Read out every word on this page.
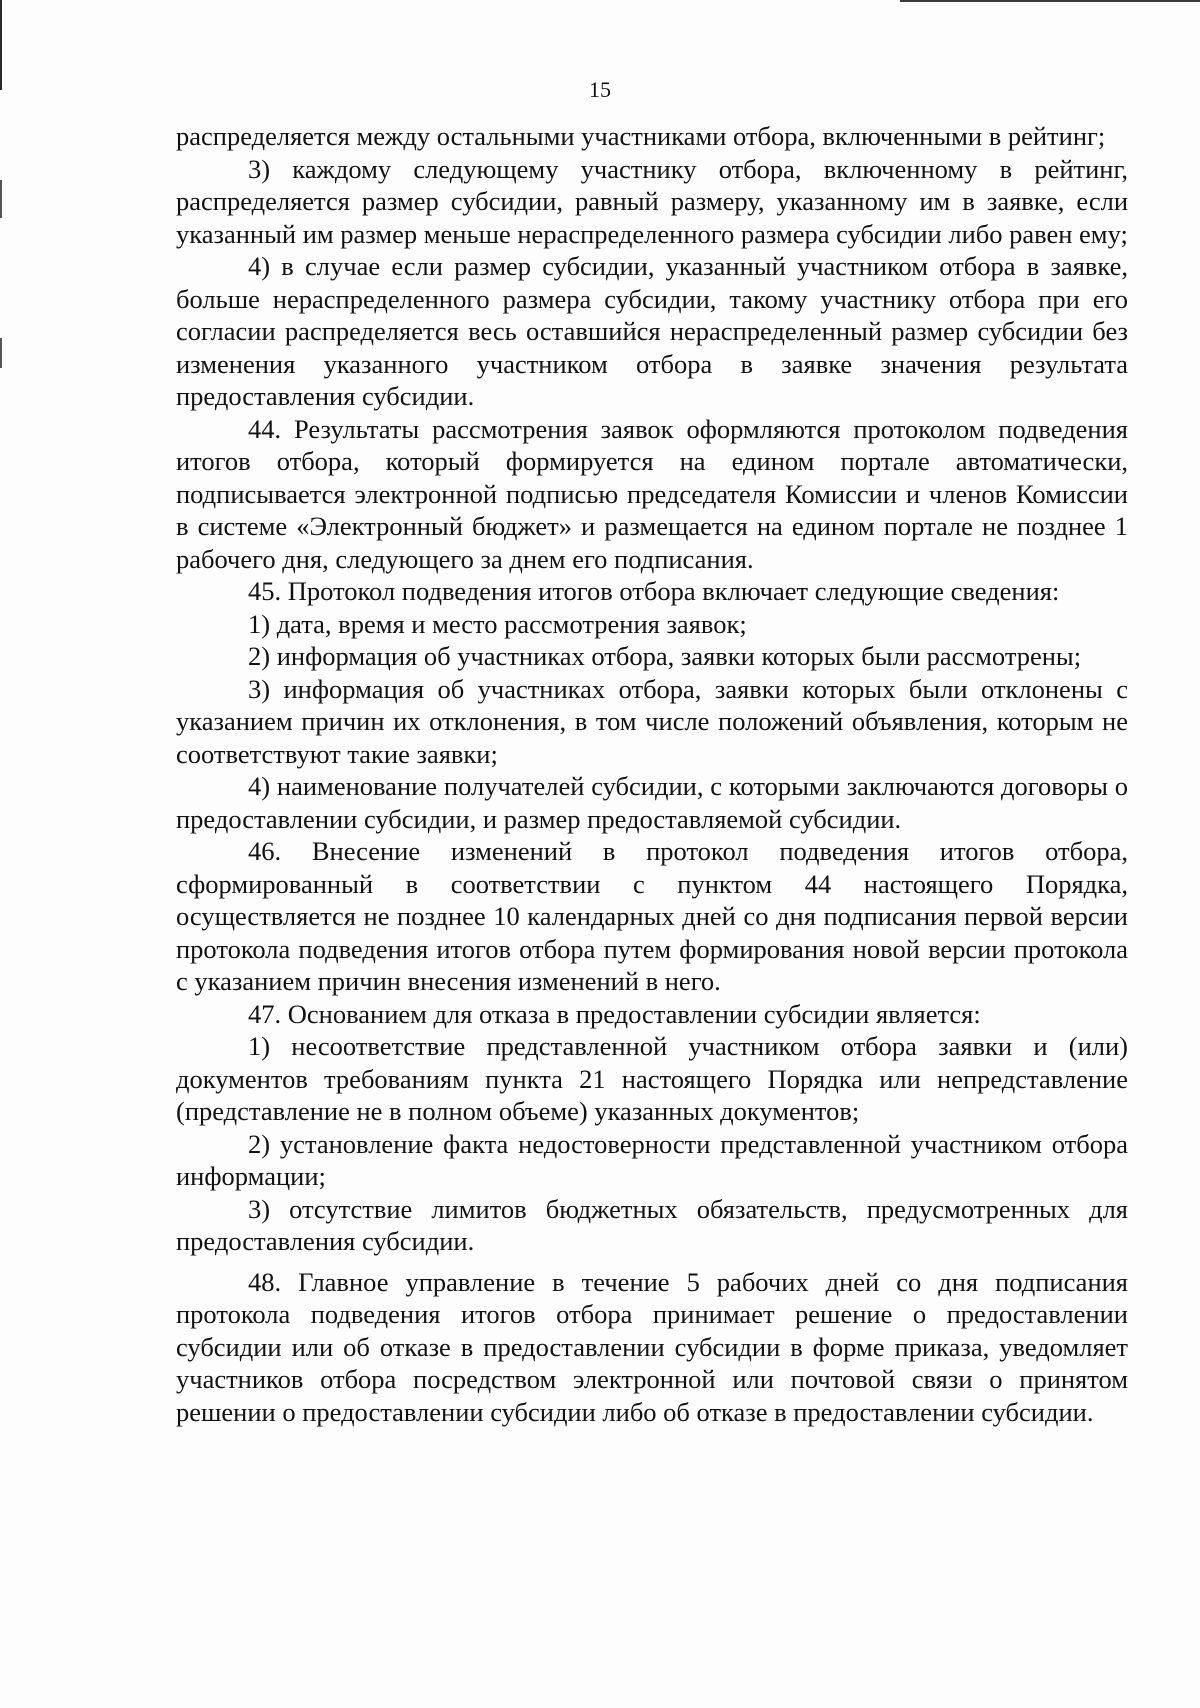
15

распределяется между остальными участниками отбора, включенными в рейтинг;

3) каждому следующему участнику отбора, включенному в рейтинг, распределяется размер субсидии, равный размеру, указанному им в заявке, если указанный им размер меньше нераспределенного размера субсидии либо равен ему;

4) в случае если размер субсидии, указанный участником отбора в заявке, больше нераспределенного размера субсидии, такому участнику отбора при его согласии распределяется весь оставшийся нераспределенный размер субсидии без изменения указанного участником отбора в заявке значения результата предоставления субсидии.

44. Результаты рассмотрения заявок оформляются протоколом подведения итогов отбора, который формируется на едином портале автоматически, подписывается электронной подписью председателя Комиссии и членов Комиссии в системе «Электронный бюджет» и размещается на едином портале не позднее 1 рабочего дня, следующего за днем его подписания.

45. Протокол подведения итогов отбора включает следующие сведения:

1) дата, время и место рассмотрения заявок;

2) информация об участниках отбора, заявки которых были рассмотрены;

3) информация об участниках отбора, заявки которых были отклонены с указанием причин их отклонения, в том числе положений объявления, которым не соответствуют такие заявки;

4) наименование получателей субсидии, с которыми заключаются договоры о предоставлении субсидии, и размер предоставляемой субсидии.

46. Внесение изменений в протокол подведения итогов отбора, сформированный в соответствии с пунктом 44 настоящего Порядка, осуществляется не позднее 10 календарных дней со дня подписания первой версии протокола подведения итогов отбора путем формирования новой версии протокола с указанием причин внесения изменений в него.

47. Основанием для отказа в предоставлении субсидии является:

1) несоответствие представленной участником отбора заявки и (или) документов требованиям пункта 21 настоящего Порядка или непредставление (представление не в полном объеме) указанных документов;

2) установление факта недостоверности представленной участником отбора информации;

3) отсутствие лимитов бюджетных обязательств, предусмотренных для предоставления субсидии.

48. Главное управление в течение 5 рабочих дней со дня подписания протокола подведения итогов отбора принимает решение о предоставлении субсидии или об отказе в предоставлении субсидии в форме приказа, уведомляет участников отбора посредством электронной или почтовой связи о принятом решении о предоставлении субсидии либо об отказе в предоставлении субсидии.
